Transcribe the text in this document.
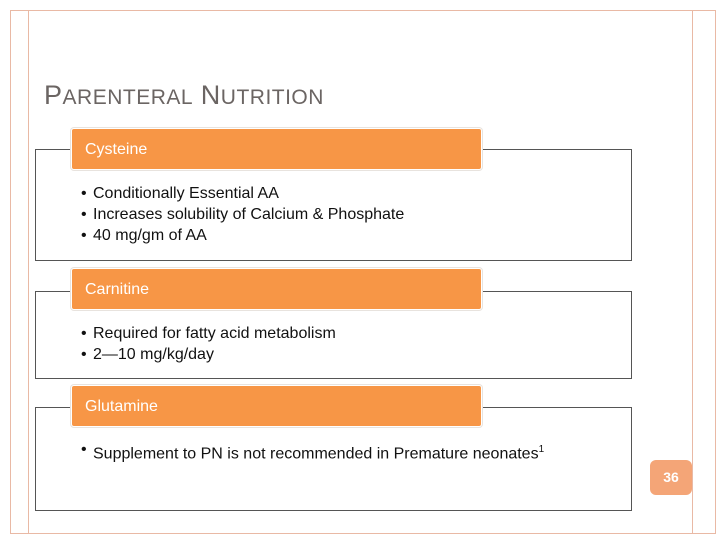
PARENTERAL NUTRITION
• Conditionally Essential AA
• Increases solubility of Calcium & Phosphate
• 40 mg/gm of AA
Cysteine
• Required for fatty acid metabolism
• 2—10 mg/kg/day
Carnitine
• Supplement to PN is not recommended in Premature neonates$^1$
Glutamine
36
